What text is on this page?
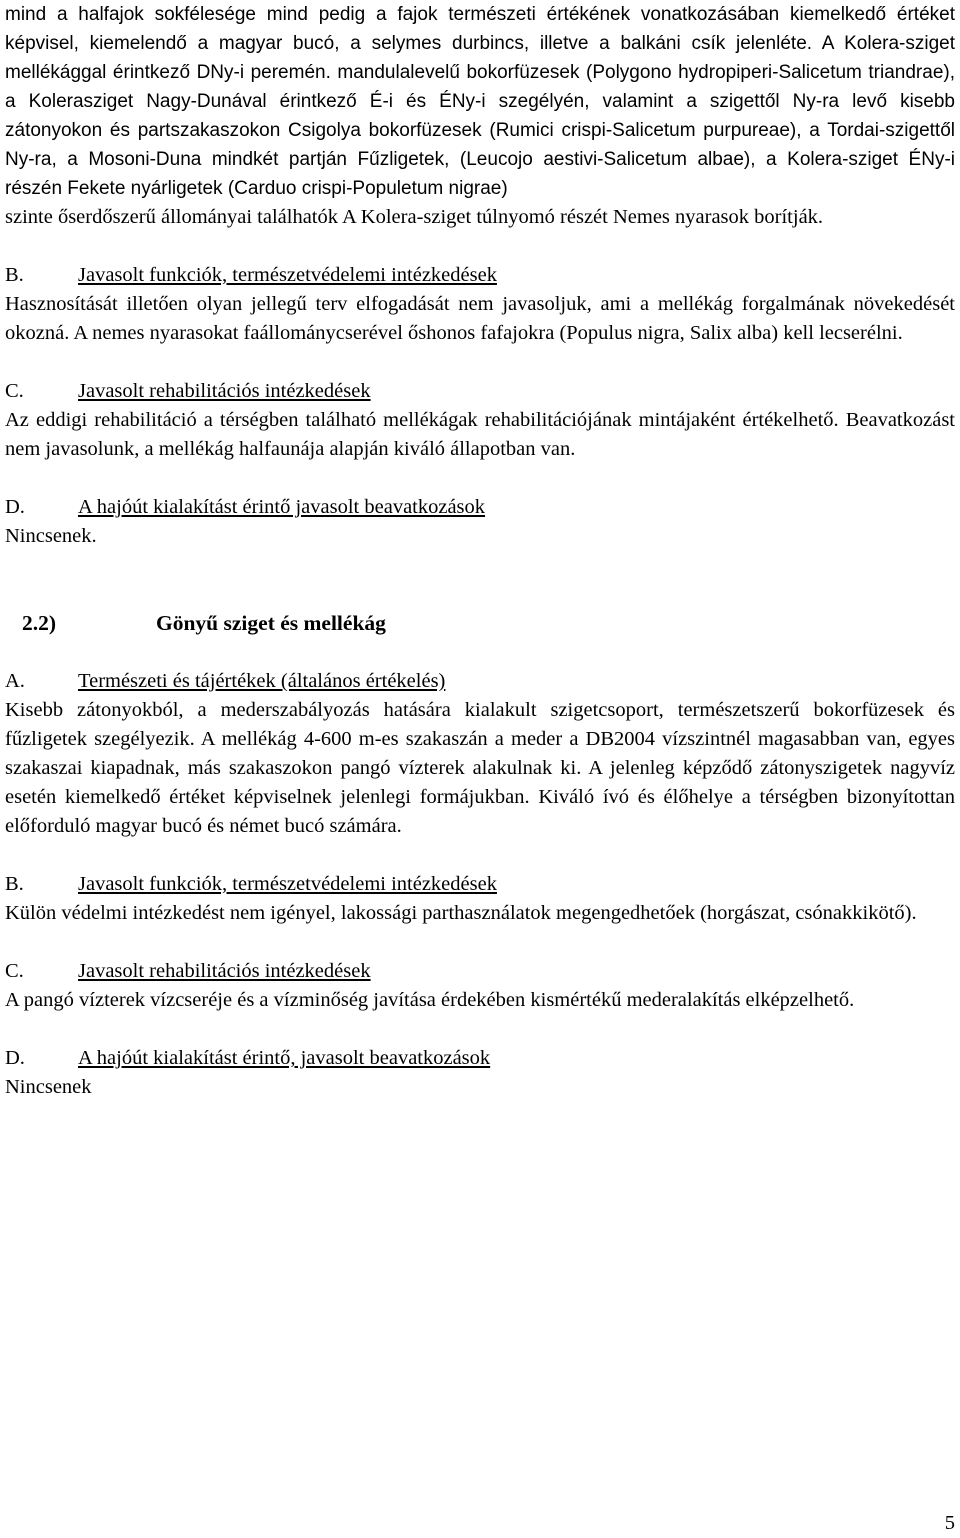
mind a halfajok sokfélesége mind pedig a fajok természeti értékének vonatkozásában kiemelkedő értéket képvisel, kiemelendő a magyar bucó, a selymes durbincs, illetve a balkáni csík jelenléte. A Kolera-sziget mellékággal érintkező DNy-i peremén. mandulalevelű bokorfüzesek (Polygono hydropiperi-Salicetum triandrae), a Kolerasziget Nagy-Dunával érintkező É-i és ÉNy-i szegélyén, valamint a szigettől Ny-ra levő kisebb zátonyokon és partszakaszokon Csigolya bokorfüzesek (Rumici crispi-Salicetum purpureae), a Tordai-szigettől Ny-ra, a Mosoni-Duna mindkét partján Fűzligetek, (Leucojo aestivi-Salicetum albae), a Kolera-sziget ÉNy-i részén Fekete nyárligetek (Carduo crispi-Populetum nigrae)

szinte őserdőszerű állományai találhatók A Kolera-sziget túlnyomó részét Nemes nyarasok borítják.

B.	Javasolt funkciók, természetvédelemi intézkedések

Hasznosítását illetően olyan jellegű terv elfogadását nem javasoljuk, ami a mellékág forgalmának növekedését okozná. A nemes nyarasokat faállománycserével őshonos fafajokra (Populus nigra, Salix alba) kell lecserélni.

C.	Javasolt rehabilitációs intézkedések

Az eddigi rehabilitáció a térségben található mellékágak rehabilitációjának mintájaként értékelhető. Beavatkozást nem javasolunk, a mellékág halfaunája alapján kiváló állapotban van.

D.	A hajóút kialakítást érintő javasolt beavatkozások

Nincsenek.

2.2)	Gönyű sziget és mellékág

A.	Természeti és tájértékek (általános értékelés)

Kisebb zátonyokból, a mederszabályozás hatására kialakult szigetcsoport, természetszerű bokorfüzesek és fűzligetek szegélyezik. A mellékág 4-600 m-es szakaszán a meder a DB2004 vízszintnél magasabban van, egyes szakaszai kiapadnak, más szakaszokon pangó vízterek alakulnak ki. A jelenleg képződő zátonyszigetek nagyvíz esetén kiemelkedő értéket képviselnek jelenlegi formájukban. Kiváló ívó és élőhelye a térségben bizonyítottan előforduló magyar bucó és német bucó számára.

B.	Javasolt funkciók, természetvédelemi intézkedések

Külön védelmi intézkedést nem igényel, lakossági parthasználatok megengedhetőek (horgászat, csónakkikötő).

C.	Javasolt rehabilitációs intézkedések

A pangó vízterek vízcseréje és a vízminőség javítása érdekében kismértékű mederalakítás elképzelhető.

D.	A hajóút kialakítást érintő, javasolt beavatkozások

Nincsenek

5
